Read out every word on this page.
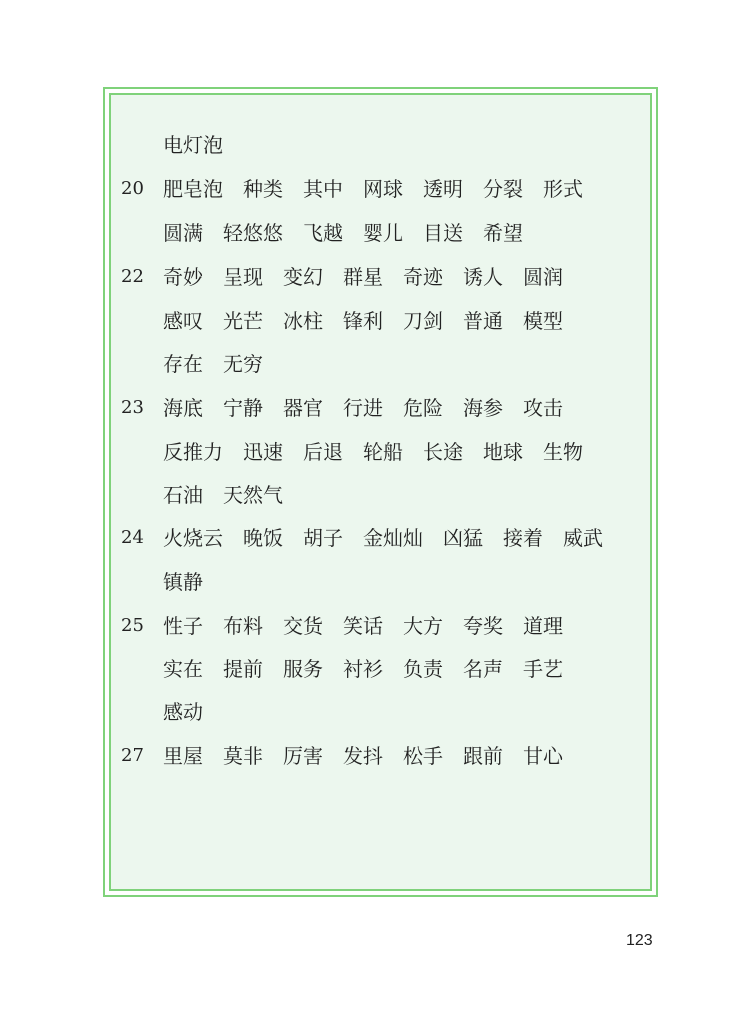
电灯泡
20 肥皂泡 种类 其中 网球 透明 分裂 形式
圆满 轻悠悠 飞越 婴儿 目送 希望
22 奇妙 呈现 变幻 群星 奇迹 诱人 圆润
感叹 光芒 冰柱 锋利 刀剑 普通 模型
存在 无穷
23 海底 宁静 器官 行进 危险 海参 攻击
反推力 迅速 后退 轮船 长途 地球 生物
石油 天然气
24 火烧云 晚饭 胡子 金灿灿 凶猛 接着 威武
镇静
25 性子 布料 交货 笑话 大方 夸奖 道理
实在 提前 服务 衬衫 负责 名声 手艺
感动
27 里屋 莫非 厉害 发抖 松手 跟前 甘心
123
